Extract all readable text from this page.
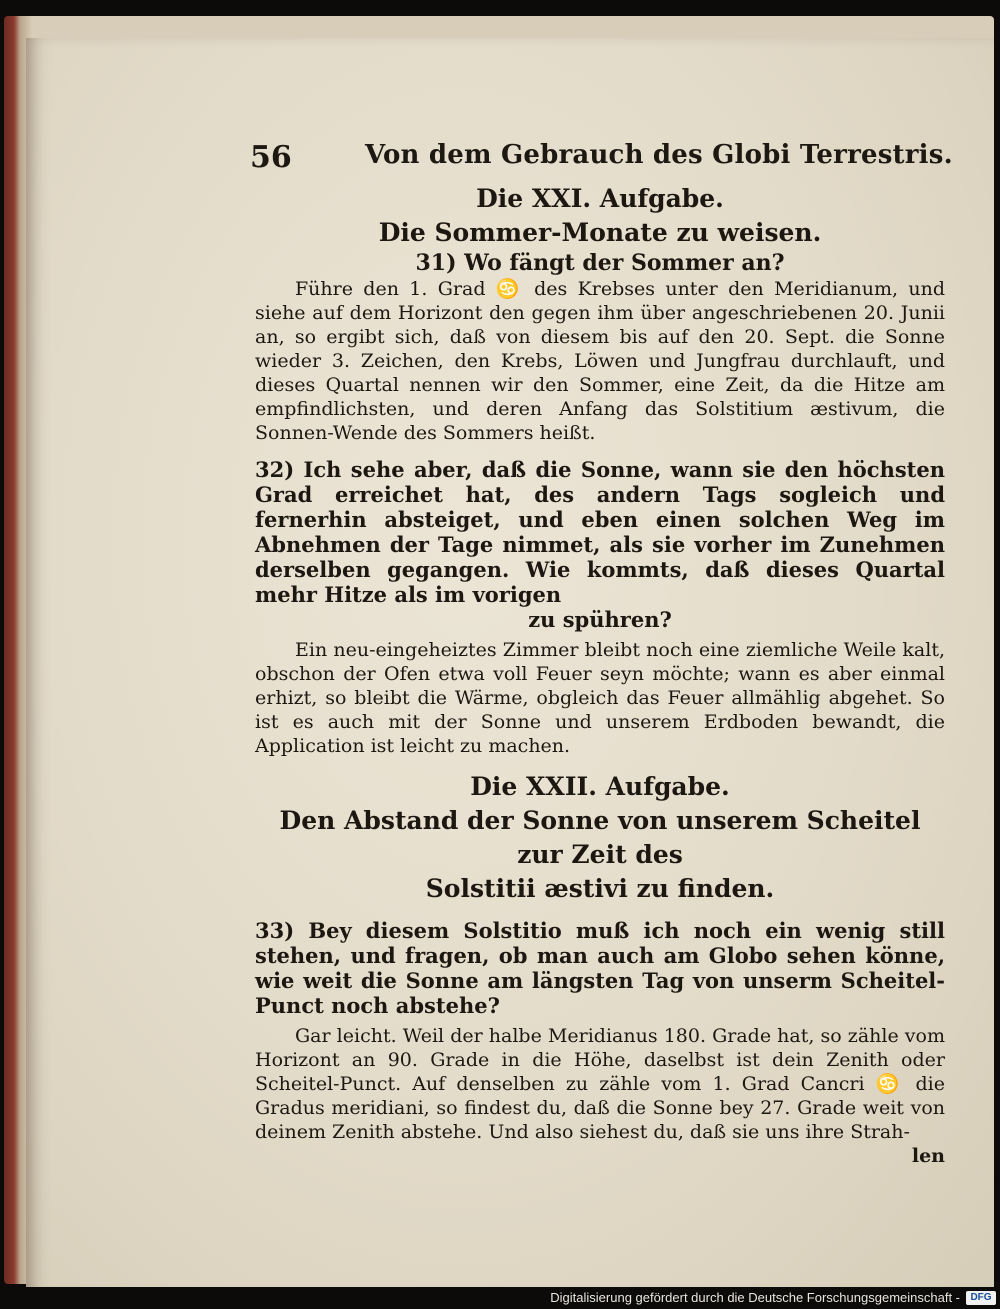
56	Von dem Gebrauch des Globi Terrestris.

Die XXI. Aufgabe.

Die Sommer-Monate zu weisen.

31) Wo fängt der Sommer an?

Führe den 1. Grad ♋ des Krebses unter den Meridianum, und siehe auf dem Horizont den gegen ihm über angeschriebenen 20. Junii an, so ergibt sich, daß von diesem bis auf den 20. Sept. die Sonne wieder 3. Zeichen, den Krebs, Löwen und Jungfrau durchlauft, und dieses Quartal nennen wir den Sommer, eine Zeit, da die Hitze am empfindlichsten, und deren Anfang das Solstitium æstivum, die Sonnen-Wende des Sommers heißt.

32) Ich sehe aber, daß die Sonne, wann sie den höchsten Grad erreichet hat, des andern Tags sogleich und fernerhin absteiget, und eben einen solchen Weg im Abnehmen der Tage nimmet, als sie vorher im Zunehmen derselben gegangen. Wie kommts, daß dieses Quartal mehr Hitze als im vorigen
zu spühren?

Ein neu-eingeheiztes Zimmer bleibt noch eine ziemliche Weile kalt, obschon der Ofen etwa voll Feuer seyn möchte; wann es aber einmal erhizt, so bleibt die Wärme, obgleich das Feuer allmählig abgehet. So ist es auch mit der Sonne und unserem Erdboden bewandt, die Application ist leicht zu machen.

Die XXII. Aufgabe.

Den Abstand der Sonne von unserem Scheitel zur Zeit des

Solstitii æstivi zu finden.

33) Bey diesem Solstitio muß ich noch ein wenig still stehen, und fragen, ob man auch am Globo sehen könne, wie weit die Sonne am längsten Tag von unserm Scheitel-Punct noch abstehe?

Gar leicht. Weil der halbe Meridianus 180. Grade hat, so zähle vom Horizont an 90. Grade in die Höhe, daselbst ist dein Zenith oder Scheitel-Punct. Auf denselben zu zähle vom 1. Grad Cancri ♋ die Gradus meridiani, so findest du, daß die Sonne bey 27. Grade weit von deinem Zenith abstehe. Und also siehest du, daß sie uns ihre Strah-

len

Digitalisierung gefördert durch die Deutsche Forschungsgemeinschaft -	DFG
